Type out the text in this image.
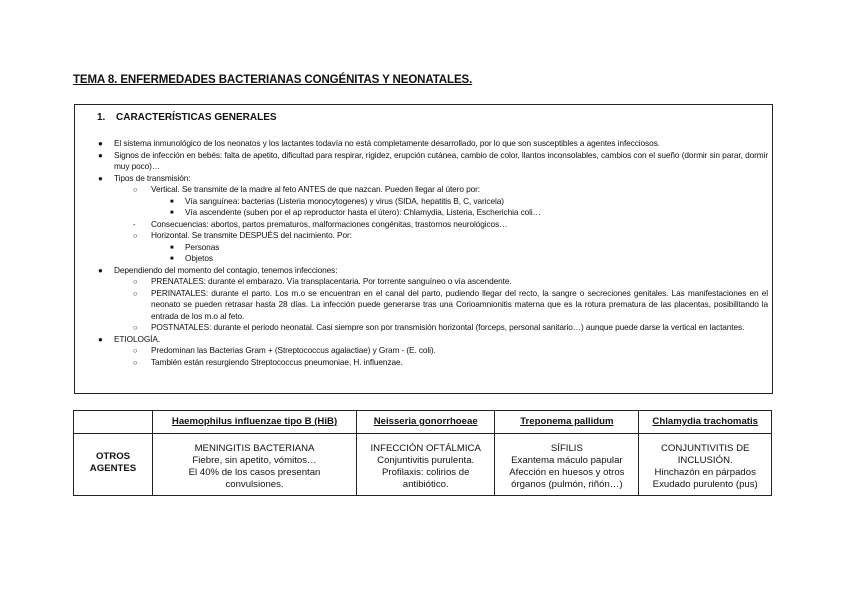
TEMA 8. ENFERMEDADES BACTERIANAS CONGÉNITAS Y NEONATALES.
1. CARACTERÍSTICAS GENERALES
● El sistema inmunológico de los neonatos y los lactantes todavía no está completamente desarrollado, por lo que son susceptibles a agentes infecciosos.
● Signos de infección en bebés: falta de apetito, dificultad para respirar, rigidez, erupción cutánea, cambio de color, llantos inconsolables, cambios con el sueño (dormir sin parar, dormir muy poco)…
● Tipos de transmisión:
○ Vertical. Se transmite de la madre al feto ANTES de que nazcan. Pueden llegar al útero por:
■ Vía sanguínea: bacterias (Listeria monocytogenes) y virus (SIDA, hepatitis B, C, varicela)
■ Vía ascendente (suben por el ap reproductor hasta el útero): Chlamydia, Listeria, Escherichia coli…
- Consecuencias: abortos, partos prematuros, malformaciones congénitas, trastornos neurológicos…
○ Horizontal. Se transmite DESPUÉS del nacimiento. Por:
■ Personas
■ Objetos
● Dependiendo del momento del contagio, tenemos infecciones:
○ PRENATALES: durante el embarazo. Vía transplacentaria. Por torrente sanguíneo o vía ascendente.
○ PERINATALES: durante el parto. Los m.o se encuentran en el canal del parto, pudiendo llegar del recto, la sangre o secreciones genitales. Las manifestaciones en el neonato se pueden retrasar hasta 28 días. La infección puede generarse tras una Corioamnionitis materna que es la rotura prematura de las placentas, posibilitando la entrada de los m.o al feto.
○ POSTNATALES: durante el periodo neonatal. Casi siempre son por transmisión horizontal (forceps, personal sanitario…) aunque puede darse la vertical en lactantes.
● ETIOLOGÍA.
○ Predominan las Bacterias Gram + (Streptococcus agalactiae) y Gram - (E. coli).
○ También están resurgiendo Streptococcus pneumoniae, H. influenzae.
	Haemophilus influenzae tipo B (HiB)	Neisseria gonorrhoeae	Treponema pallidum	Chlamydia trachomatis

OTROS
AGENTES	MENINGITIS BACTERIANA
Fiebre, sin apetito, vómitos…
El 40% de los casos presentan
convulsiones.	INFECCIÓN OFTÁLMICA
Conjuntivitis purulenta.
Profilaxis: colirios de
antibiótico.	SÍFILIS
Exantema máculo papular
Afección en huesos y otros
órganos (pulmón, riñón…)	CONJUNTIVITIS DE
INCLUSIÓN.
Hinchazón en párpados
Exudado purulento (pus)
